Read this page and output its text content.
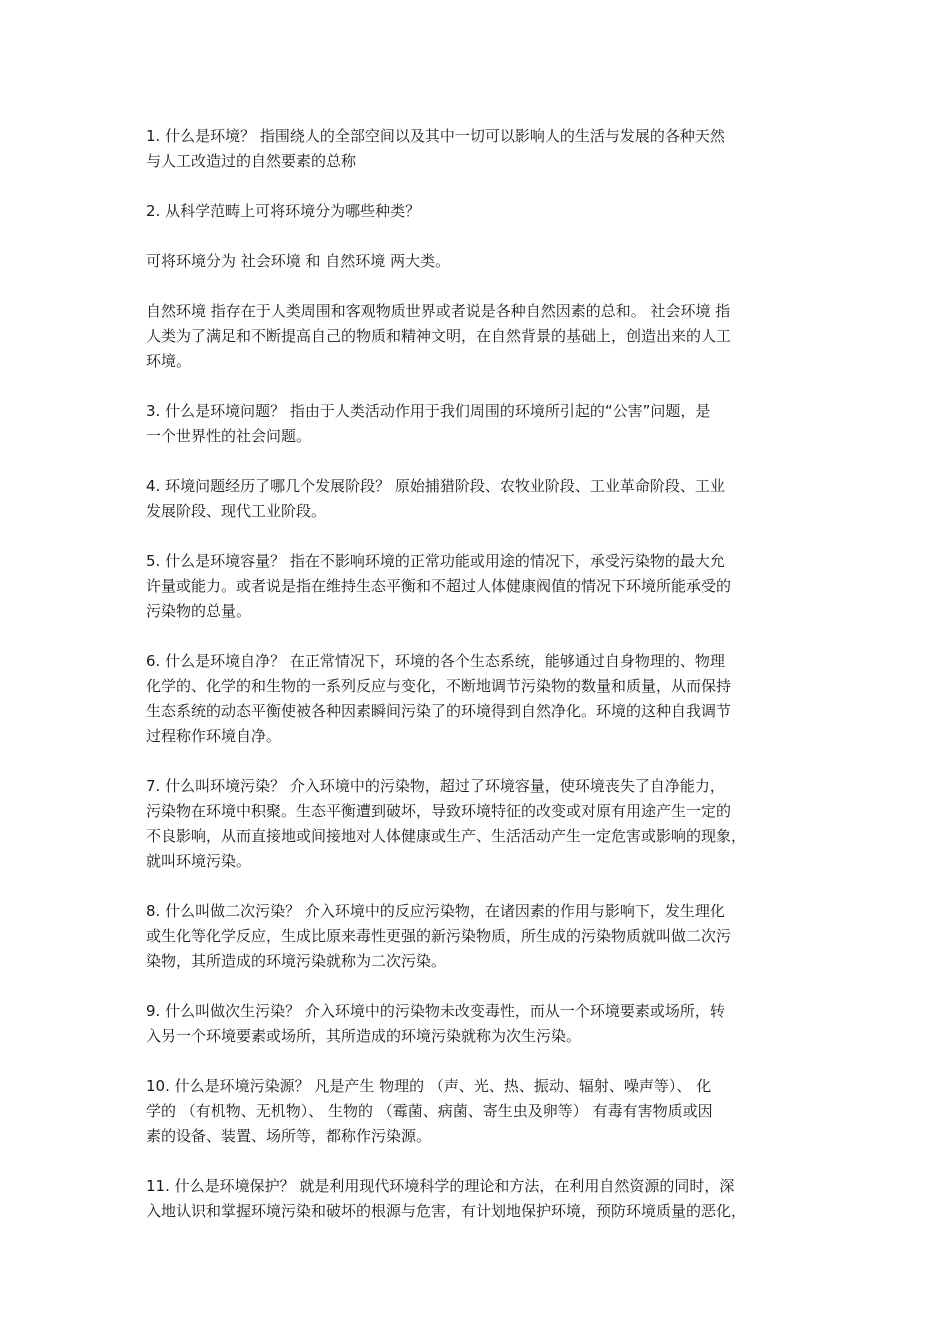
1. 什么是环境？ 指围绕人的全部空间以及其中一切可以影响人的生活与发展的各种天然
与人工改造过的自然要素的总称

2. 从科学范畴上可将环境分为哪些种类？

可将环境分为 社会环境 和 自然环境 两大类。

自然环境 指存在于人类周围和客观物质世界或者说是各种自然因素的总和。 社会环境 指
人类为了满足和不断提高自己的物质和精神文明，在自然背景的基础上，创造出来的人工
环境。

3. 什么是环境问题？ 指由于人类活动作用于我们周围的环境所引起的“公害”问题，是
一个世界性的社会问题。

4. 环境问题经历了哪几个发展阶段？ 原始捕猎阶段、农牧业阶段、工业革命阶段、工业
发展阶段、现代工业阶段。

5. 什么是环境容量？ 指在不影响环境的正常功能或用途的情况下，承受污染物的最大允
许量或能力。或者说是指在维持生态平衡和不超过人体健康阀值的情况下环境所能承受的
污染物的总量。

6. 什么是环境自净？ 在正常情况下，环境的各个生态系统，能够通过自身物理的、物理
化学的、化学的和生物的一系列反应与变化，不断地调节污染物的数量和质量，从而保持
生态系统的动态平衡使被各种因素瞬间污染了的环境得到自然净化。环境的这种自我调节
过程称作环境自净。

7. 什么叫环境污染？ 介入环境中的污染物，超过了环境容量，使环境丧失了自净能力，
污染物在环境中积聚。生态平衡遭到破坏，导致环境特征的改变或对原有用途产生一定的
不良影响，从而直接地或间接地对人体健康或生产、生活活动产生一定危害或影响的现象，
就叫环境污染。

8. 什么叫做二次污染？ 介入环境中的反应污染物，在诸因素的作用与影响下，发生理化
或生化等化学反应，生成比原来毒性更强的新污染物质，所生成的污染物质就叫做二次污
染物，其所造成的环境污染就称为二次污染。

9. 什么叫做次生污染？ 介入环境中的污染物未改变毒性，而从一个环境要素或场所，转
入另一个环境要素或场所，其所造成的环境污染就称为次生污染。

10. 什么是环境污染源？ 凡是产生 物理的 （声、光、热、振动、辐射、噪声等）、 化
学的 （有机物、无机物）、 生物的 （霉菌、病菌、寄生虫及卵等） 有毒有害物质或因
素的设备、装置、场所等，都称作污染源。

11. 什么是环境保护？ 就是利用现代环境科学的理论和方法，在利用自然资源的同时，深
入地认识和掌握环境污染和破坏的根源与危害，有计划地保护环境，预防环境质量的恶化，
